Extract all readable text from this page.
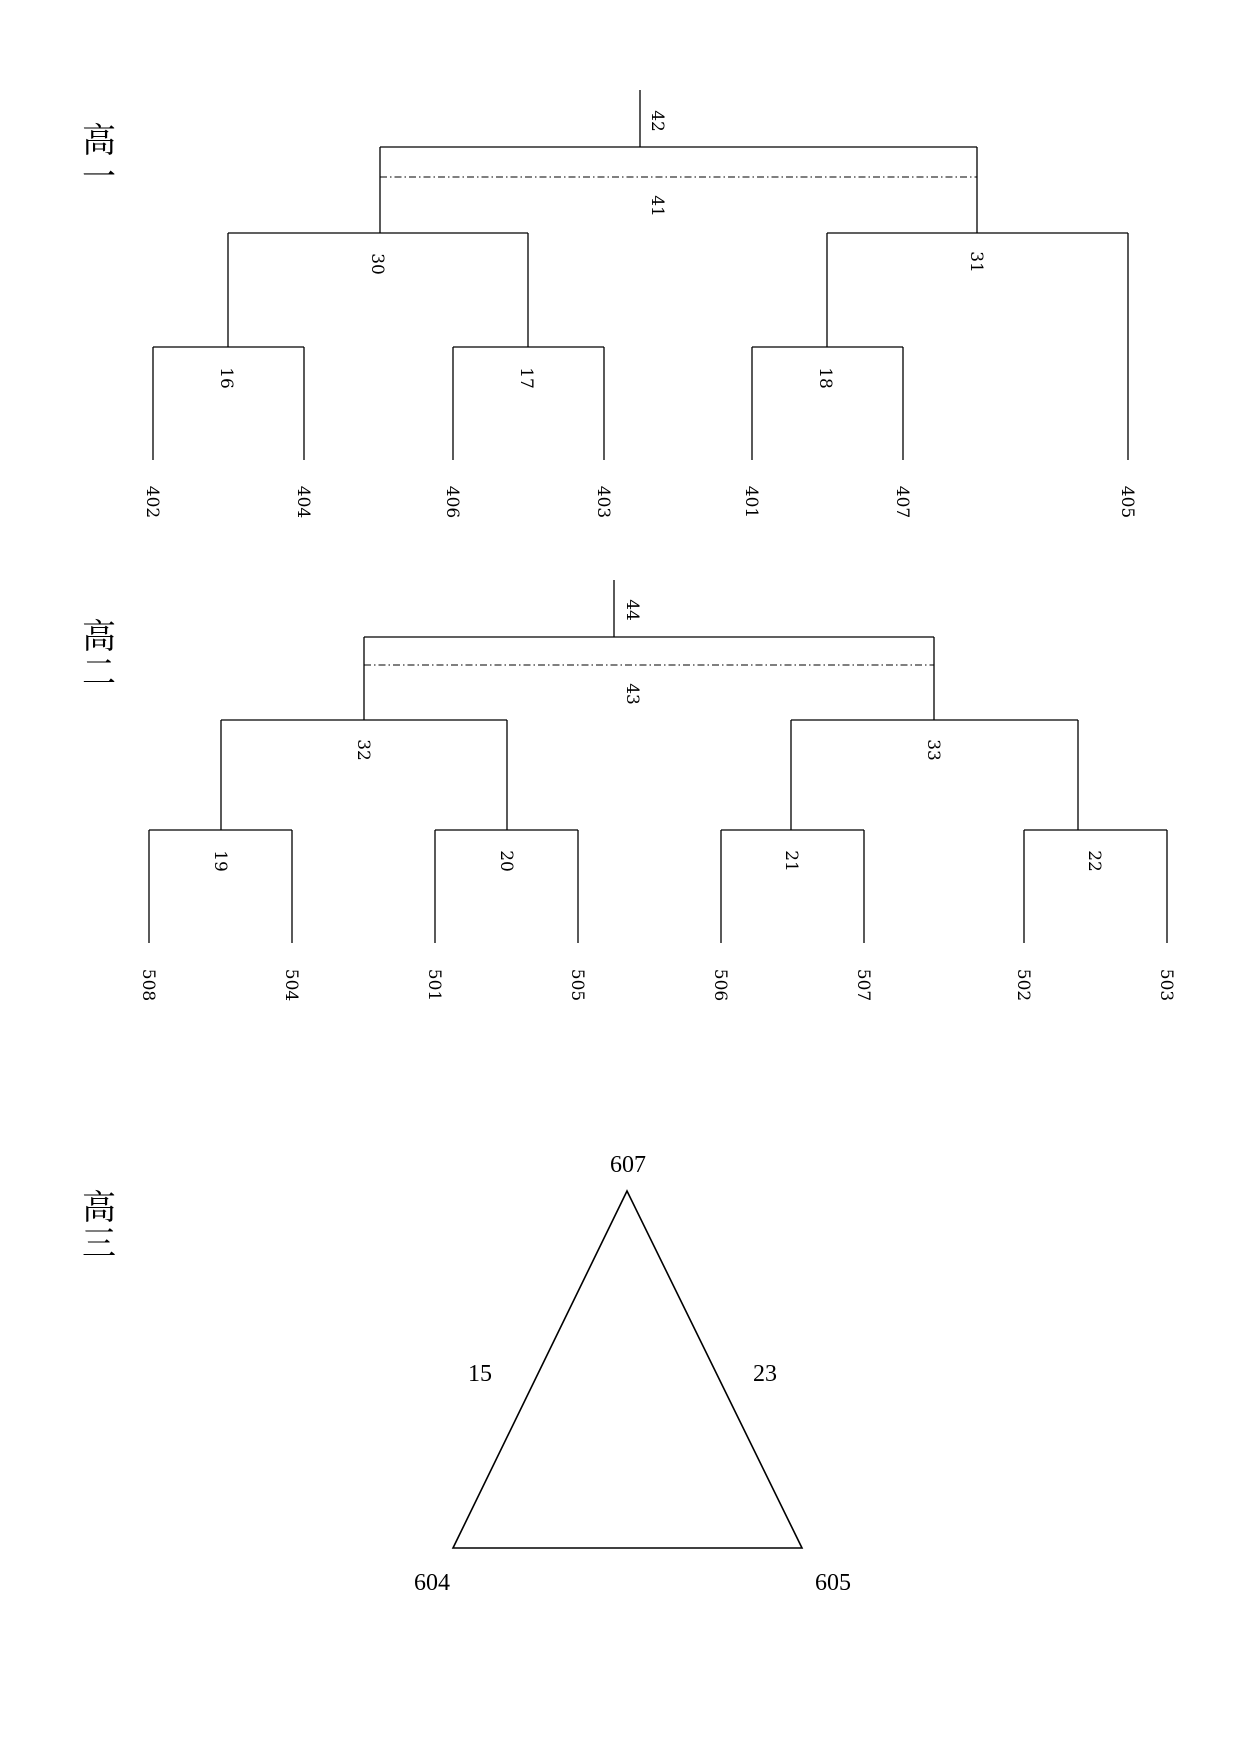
高
一
高
二
高
三
42
41
30	31
16	17	18
402	404	406	403	401	407	405
44
43
32	33
19	20	21	22
508	504	501	505	506	507	502	503
607
604	605
15	23
